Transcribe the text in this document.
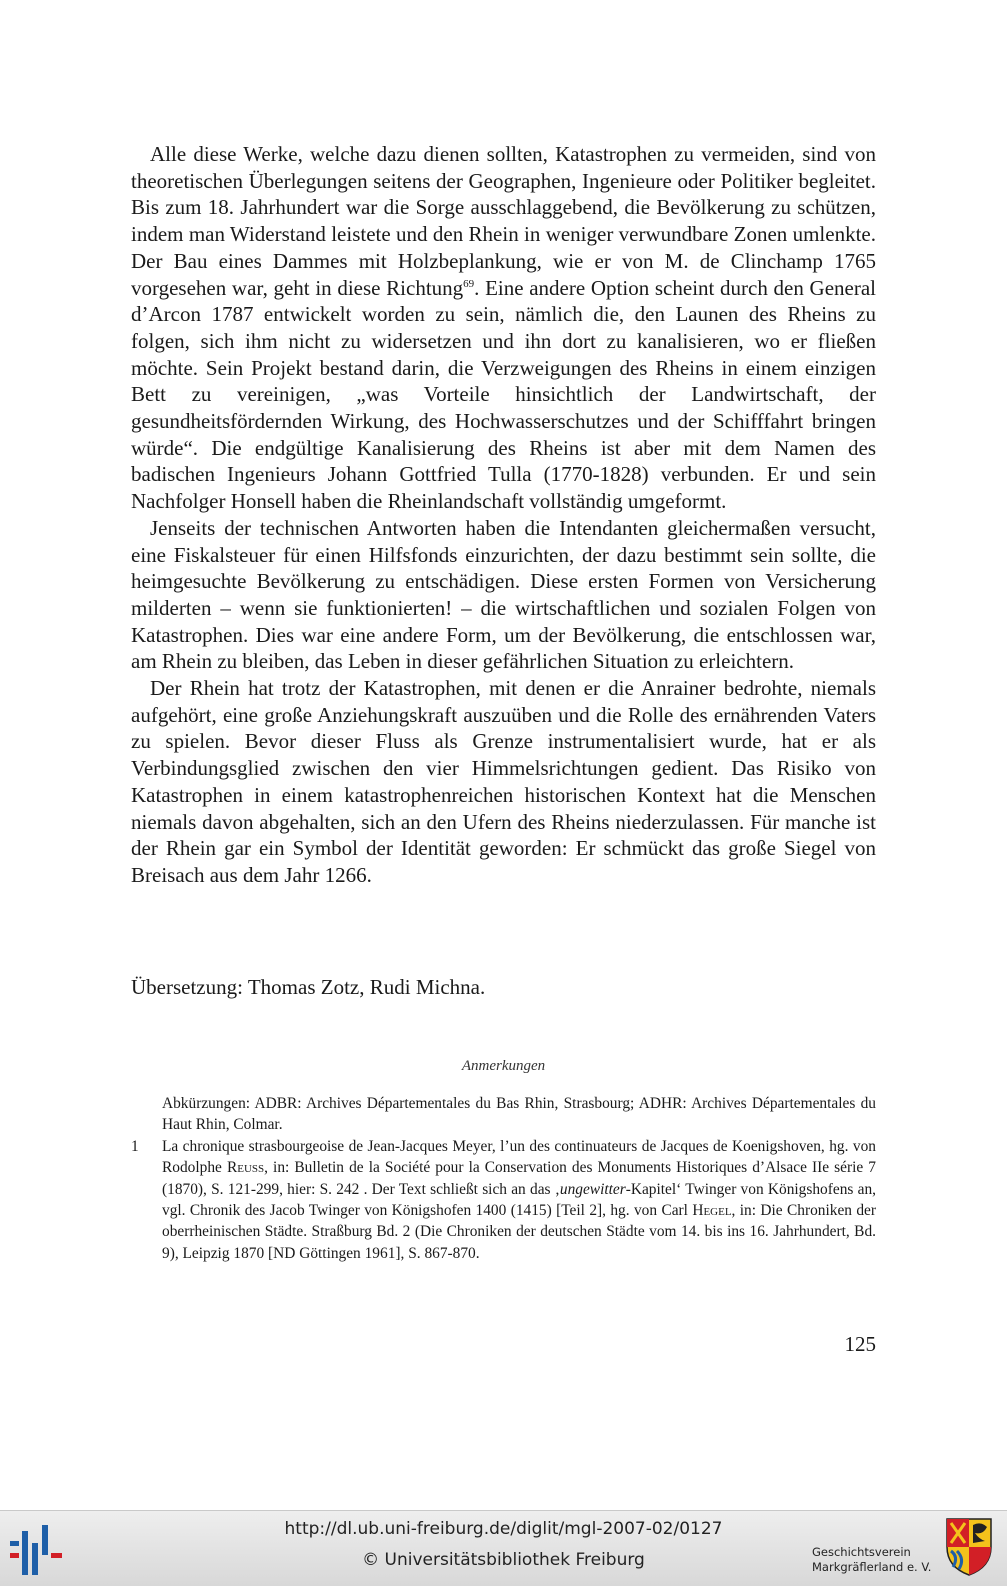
Alle diese Werke, welche dazu dienen sollten, Katastrophen zu vermeiden, sind von theoretischen Überlegungen seitens der Geographen, Ingenieure oder Politiker begleitet. Bis zum 18. Jahrhundert war die Sorge ausschlaggebend, die Bevölkerung zu schützen, indem man Widerstand leistete und den Rhein in weniger verwundbare Zonen umlenkte. Der Bau eines Dammes mit Holzbeplankung, wie er von M. de Clinchamp 1765 vorgesehen war, geht in diese Richtung$^{69}$. Eine andere Option scheint durch den General d’Arcon 1787 entwickelt worden zu sein, nämlich die, den Launen des Rheins zu folgen, sich ihm nicht zu widersetzen und ihn dort zu kanalisieren, wo er fließen möchte. Sein Projekt bestand darin, die Verzweigungen des Rheins in einem einzigen Bett zu vereinigen, „was Vorteile hinsichtlich der Landwirtschaft, der gesundheitsfördernden Wirkung, des Hochwasserschutzes und der Schifffahrt bringen würde“. Die endgültige Kanalisierung des Rheins ist aber mit dem Namen des badischen Ingenieurs Johann Gottfried Tulla (1770-1828) verbunden. Er und sein Nachfolger Honsell haben die Rheinlandschaft vollständig umgeformt.

Jenseits der technischen Antworten haben die Intendanten gleichermaßen versucht, eine Fiskalsteuer für einen Hilfsfonds einzurichten, der dazu bestimmt sein sollte, die heimgesuchte Bevölkerung zu entschädigen. Diese ersten Formen von Versicherung milderten – wenn sie funktionierten! – die wirtschaftlichen und sozialen Folgen von Katastrophen. Dies war eine andere Form, um der Bevölkerung, die entschlossen war, am Rhein zu bleiben, das Leben in dieser gefährlichen Situation zu erleichtern.

Der Rhein hat trotz der Katastrophen, mit denen er die Anrainer bedrohte, niemals aufgehört, eine große Anziehungskraft auszuüben und die Rolle des ernährenden Vaters zu spielen. Bevor dieser Fluss als Grenze instrumentalisiert wurde, hat er als Verbindungsglied zwischen den vier Himmelsrichtungen gedient. Das Risiko von Katastrophen in einem katastrophenreichen historischen Kontext hat die Menschen niemals davon abgehalten, sich an den Ufern des Rheins niederzulassen. Für manche ist der Rhein gar ein Symbol der Identität geworden: Er schmückt das große Siegel von Breisach aus dem Jahr 1266.

Übersetzung: Thomas Zotz, Rudi Michna.
Anmerkungen

Abkürzungen: ADBR: Archives Départementales du Bas Rhin, Strasbourg; ADHR: Archives Départementales du Haut Rhin, Colmar.

1 La chronique strasbourgeoise de Jean-Jacques Meyer, l’un des continuateurs de Jacques de Koenigshoven, hg. von Rodolphe Reuss, in: Bulletin de la Société pour la Conservation des Monuments Historiques d’Alsace IIe série 7 (1870), S. 121-299, hier: S. 242 . Der Text schließt sich an das ‚ungewitter-Kapitel‘ Twinger von Königshofens an, vgl. Chronik des Jacob Twinger von Königshofen 1400 (1415) [Teil 2], hg. von Carl Hegel, in: Die Chroniken der oberrheinischen Städte. Straßburg Bd. 2 (Die Chroniken der deutschen Städte vom 14. bis ins 16. Jahrhundert, Bd. 9), Leipzig 1870 [ND Göttingen 1961], S. 867-870.

125
http://dl.ub.uni-freiburg.de/diglit/mgl-2007-02/0127
© Universitätsbibliothek Freiburg	Geschichtsverein
Markgräflerland e. V.
